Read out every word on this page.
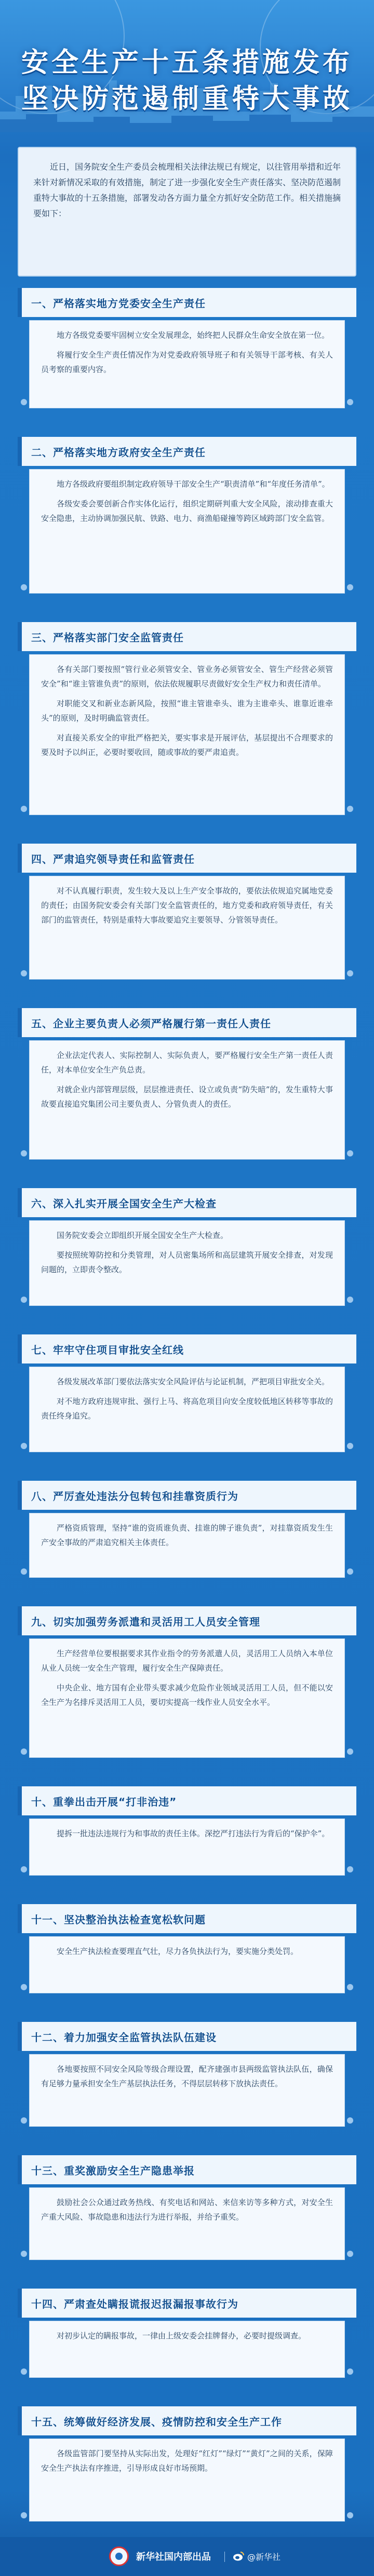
安全生产十五条措施发布
坚决防范遏制重特大事故

近日，国务院安全生产委员会梳理相关法律法规已有规定，以往管用举措和近年来针对新情况采取的有效措施，制定了进一步强化安全生产责任落实、坚决防范遏制重特大事故的十五条措施，部署发动各方面力量全方抓好安全防范工作。相关措施摘要如下：

一、严格落实地方党委安全生产责任

地方各级党委要牢固树立安全发展理念，始终把人民群众生命安全放在第一位。

将履行安全生产责任情况作为对党委政府领导班子和有关领导干部考核、有关人员考察的重要内容。

二、严格落实地方政府安全生产责任

地方各级政府要组织制定政府领导干部安全生产“职责清单”和“年度任务清单”。

各级安委会要创新合作实体化运行，组织定期研判重大安全风险，滚动排查重大安全隐患，主动协调加强民航、铁路、电力、商渔船碰撞等跨区域跨部门安全监管。

三、严格落实部门安全监管责任

各有关部门要按照“管行业必须管安全、管业务必须管安全、管生产经营必须管安全”和“谁主管谁负责”的原则，依法依规履职尽责做好安全生产权力和责任清单。

对职能交叉和新业态新风险，按照“谁主管谁牵头、谁为主谁牵头、谁靠近谁牵头”的原则，及时明确监管责任。

对直接关系安全的审批严格把关，要实事求是开展评估，基层提出不合理要求的要及时予以纠正，必要时要收回，随或事故的要严肃追责。

四、严肃追究领导责任和监管责任

对不认真履行职责，发生较大及以上生产安全事故的，要依法依规追究属地党委的责任；由国务院安委会有关部门安全监管责任的，地方党委和政府领导责任，有关部门的监管责任，特别是重特大事故要追究主要领导、分管领导责任。

五、企业主要负责人必须严格履行第一责任人责任

企业法定代表人、实际控制人、实际负责人，要严格履行安全生产第一责任人责任，对本单位安全生产负总责。

对就企业内部管理层级，层层推进责任、设立或负责“防失暗”的，发生重特大事故要直接追究集团公司主要负责人、分管负责人的责任。

六、深入扎实开展全国安全生产大检查

国务院安委会立即组织开展全国安全生产大检查。

要按照统筹防控和分类管理，对人员密集场所和高层建筑开展安全排查，对发现问题的，立即责令整改。

七、牢牢守住项目审批安全红线

各级发展改革部门要依法落实安全风险评估与论证机制，严把项目审批安全关。

对不地方政府违规审批、强行上马、将高危项目向安全度较低地区转移等事故的责任终身追究。

八、严厉查处违法分包转包和挂靠资质行为

严格资质管理，坚持“谁的资质谁负责、挂谁的牌子谁负责”，对挂靠资质发生生产安全事故的严肃追究相关主体责任。

九、切实加强劳务派遣和灵活用工人员安全管理

生产经营单位要根据要求其作业指令的劳务派遣人员，灵活用工人员纳入本单位从业人员统一安全生产管理，履行安全生产保障责任。

中央企业、地方国有企业带头要求减少危险作业领域灵活用工人员，但不能以安全生产为名排斥灵活用工人员，要切实提高一线作业人员安全水平。

十、重拳出击开展“打非治违”

提拆一批违法违规行为和事故的责任主体。深挖严打违法行为背后的“保护伞”。

十一、坚决整治执法检查宽松软问题

安全生产执法检查要理直气壮，尽力各负执法行为，要实施分类处罚。

十二、着力加强安全监管执法队伍建设

各地要按照不同安全风险等级合理设置，配齐建强市县两级监管执法队伍，确保有足够力量承担安全生产基层执法任务，不得层层转移下放执法责任。

十三、重奖激励安全生产隐患举报

鼓励社会公众通过政务热线、有奖电话和网站、来信来访等多种方式，对安全生产重大风险、事故隐患和违法行为进行举报，并给予重奖。

十四、严肃查处瞒报谎报迟报漏报事故行为

对初步认定的瞒报事故，一律由上级安委会挂牌督办，必要时提级调查。

十五、统筹做好经济发展、疫情防控和安全生产工作

各级监管部门要坚持从实际出发，处理好“红灯”“绿灯”“黄灯”之间的关系，保障安全生产执法有序推进，引导形成良好市场预期。

新华社国内部出品	@新华社
